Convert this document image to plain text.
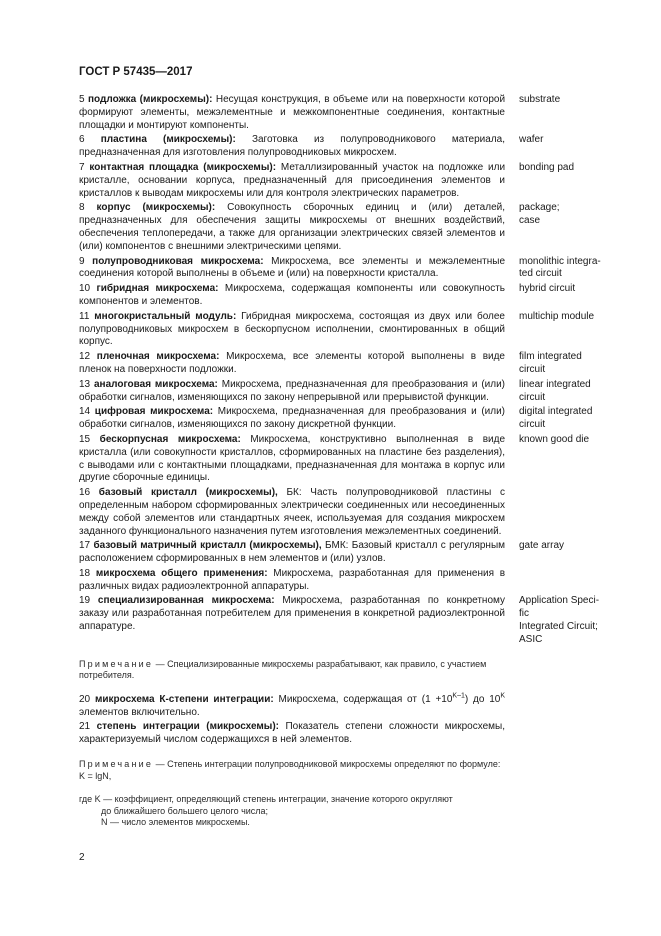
ГОСТ Р 57435—2017
5 подложка (микросхемы): Несущая конструкция, в объеме или на поверхности которой формируют элементы, межэлементные и межкомпонентные соединения, контактные площадки и монтируют компоненты.
substrate
6 пластина (микросхемы): Заготовка из полупроводникового материала, предназначенная для изготовления полупроводниковых микросхем.
wafer
7 контактная площадка (микросхемы): Металлизированный участок на подложке или кристалле, основании корпуса, предназначенный для присоединения элементов и кристаллов к выводам микросхемы или для контроля электрических параметров.
bonding pad
8 корпус (микросхемы): Совокупность сборочных единиц и (или) деталей, предназначенных для обеспечения защиты микросхемы от внешних воздействий, обеспечения теплопередачи, а также для организации электрических связей элементов и (или) компонентов с внешними электрическими цепями.
package;
case
9 полупроводниковая микросхема: Микросхема, все элементы и межэлементные соединения которой выполнены в объеме и (или) на поверхности кристалла.
monolithic integra-
ted circuit
10 гибридная микросхема: Микросхема, содержащая компоненты или совокупность компонентов и элементов.
hybrid circuit
11 многокристальный модуль: Гибридная микросхема, состоящая из двух или более полупроводниковых микросхем в бескорпусном исполнении, смонтированных в общий корпус.
multichip module
12 пленочная микросхема: Микросхема, все элементы которой выполнены в виде пленок на поверхности подложки.
film integrated
circuit
13 аналоговая микросхема: Микросхема, предназначенная для преобразования и (или) обработки сигналов, изменяющихся по закону непрерывной или прерывистой функции.
linear integrated
circuit
14 цифровая микросхема: Микросхема, предназначенная для преобразования и (или) обработки сигналов, изменяющихся по закону дискретной функции.
digital integrated
circuit
15 бескорпусная микросхема: Микросхема, конструктивно выполненная в виде кристалла (или совокупности кристаллов, сформированных на пластине без разделения), с выводами или с контактными площадками, предназначенная для монтажа в корпус или другие сборочные единицы.
known good die
16 базовый кристалл (микросхемы), БК: Часть полупроводниковой пластины с определенным набором сформированных электрически соединенных или несоединенных между собой элементов или стандартных ячеек, используемая для создания микросхем заданного функционального назначения путем изготовления межэлементных соединений.
17 базовый матричный кристалл (микросхемы), БМК: Базовый кристалл с регулярным расположением сформированных в нем элементов и (или) узлов.
gate array
18 микросхема общего применения: Микросхема, разработанная для применения в различных видах радиоэлектронной аппаратуры.
19 специализированная микросхема: Микросхема, разработанная по конкретному заказу или разработанная потребителем для применения в конкретной радиоэлектронной аппаратуре.
Application Speci-
fic
Integrated Circuit;
ASIC
Примечание — Специализированные микросхемы разрабатывают, как правило, с участием потребителя.
20 микросхема К-степени интеграции: Микросхема, содержащая от $(1 +10^{K-1})$ до $10^K$ элементов включительно.
21 степень интеграции (микросхемы): Показатель степени сложности микросхемы, характеризуемый числом содержащихся в ней элементов.
Примечание — Степень интеграции полупроводниковой микросхемы определяют по формуле: K = lgN,
где K — коэффициент, определяющий степень интеграции, значение которого округляют
до ближайшего большего целого числа;
N — число элементов микросхемы.
2
